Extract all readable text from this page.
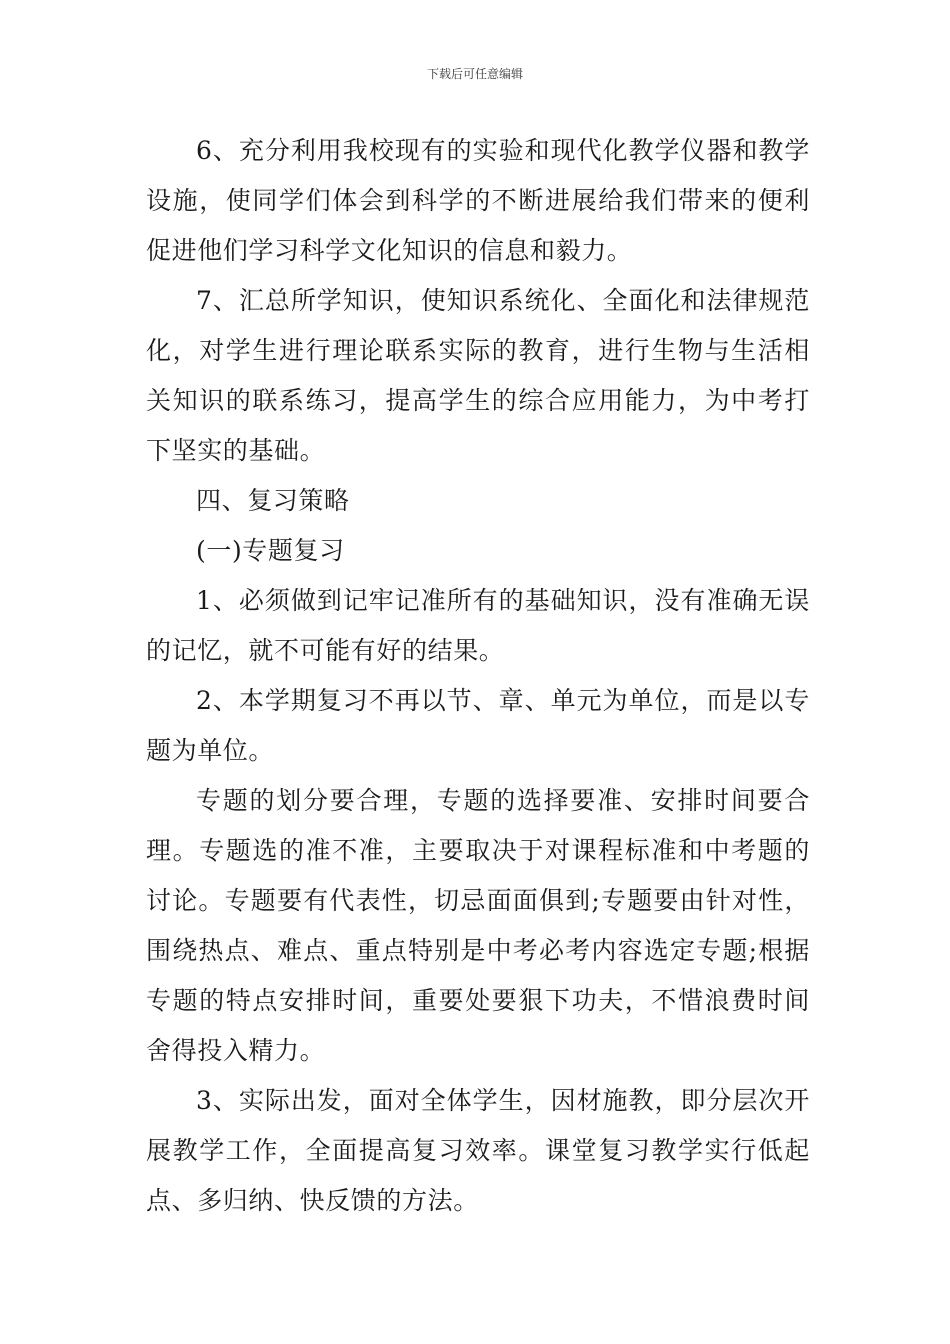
下载后可任意编辑

6、充分利用我校现有的实验和现代化教学仪器和教学设施，使同学们体会到科学的不断进展给我们带来的便利促进他们学习科学文化知识的信息和毅力。

7、汇总所学知识，使知识系统化、全面化和法律规范化，对学生进行理论联系实际的教育，进行生物与生活相关知识的联系练习，提高学生的综合应用能力，为中考打下坚实的基础。

四、复习策略

(一)专题复习

1、必须做到记牢记准所有的基础知识，没有准确无误的记忆，就不可能有好的结果。

2、本学期复习不再以节、章、单元为单位，而是以专题为单位。

专题的划分要合理，专题的选择要准、安排时间要合理。专题选的准不准，主要取决于对课程标准和中考题的讨论。专题要有代表性，切忌面面俱到;专题要由针对性，围绕热点、难点、重点特别是中考必考内容选定专题;根据专题的特点安排时间，重要处要狠下功夫，不惜浪费时间舍得投入精力。

3、实际出发，面对全体学生，因材施教，即分层次开展教学工作，全面提高复习效率。课堂复习教学实行低起点、多归纳、快反馈的方法。
